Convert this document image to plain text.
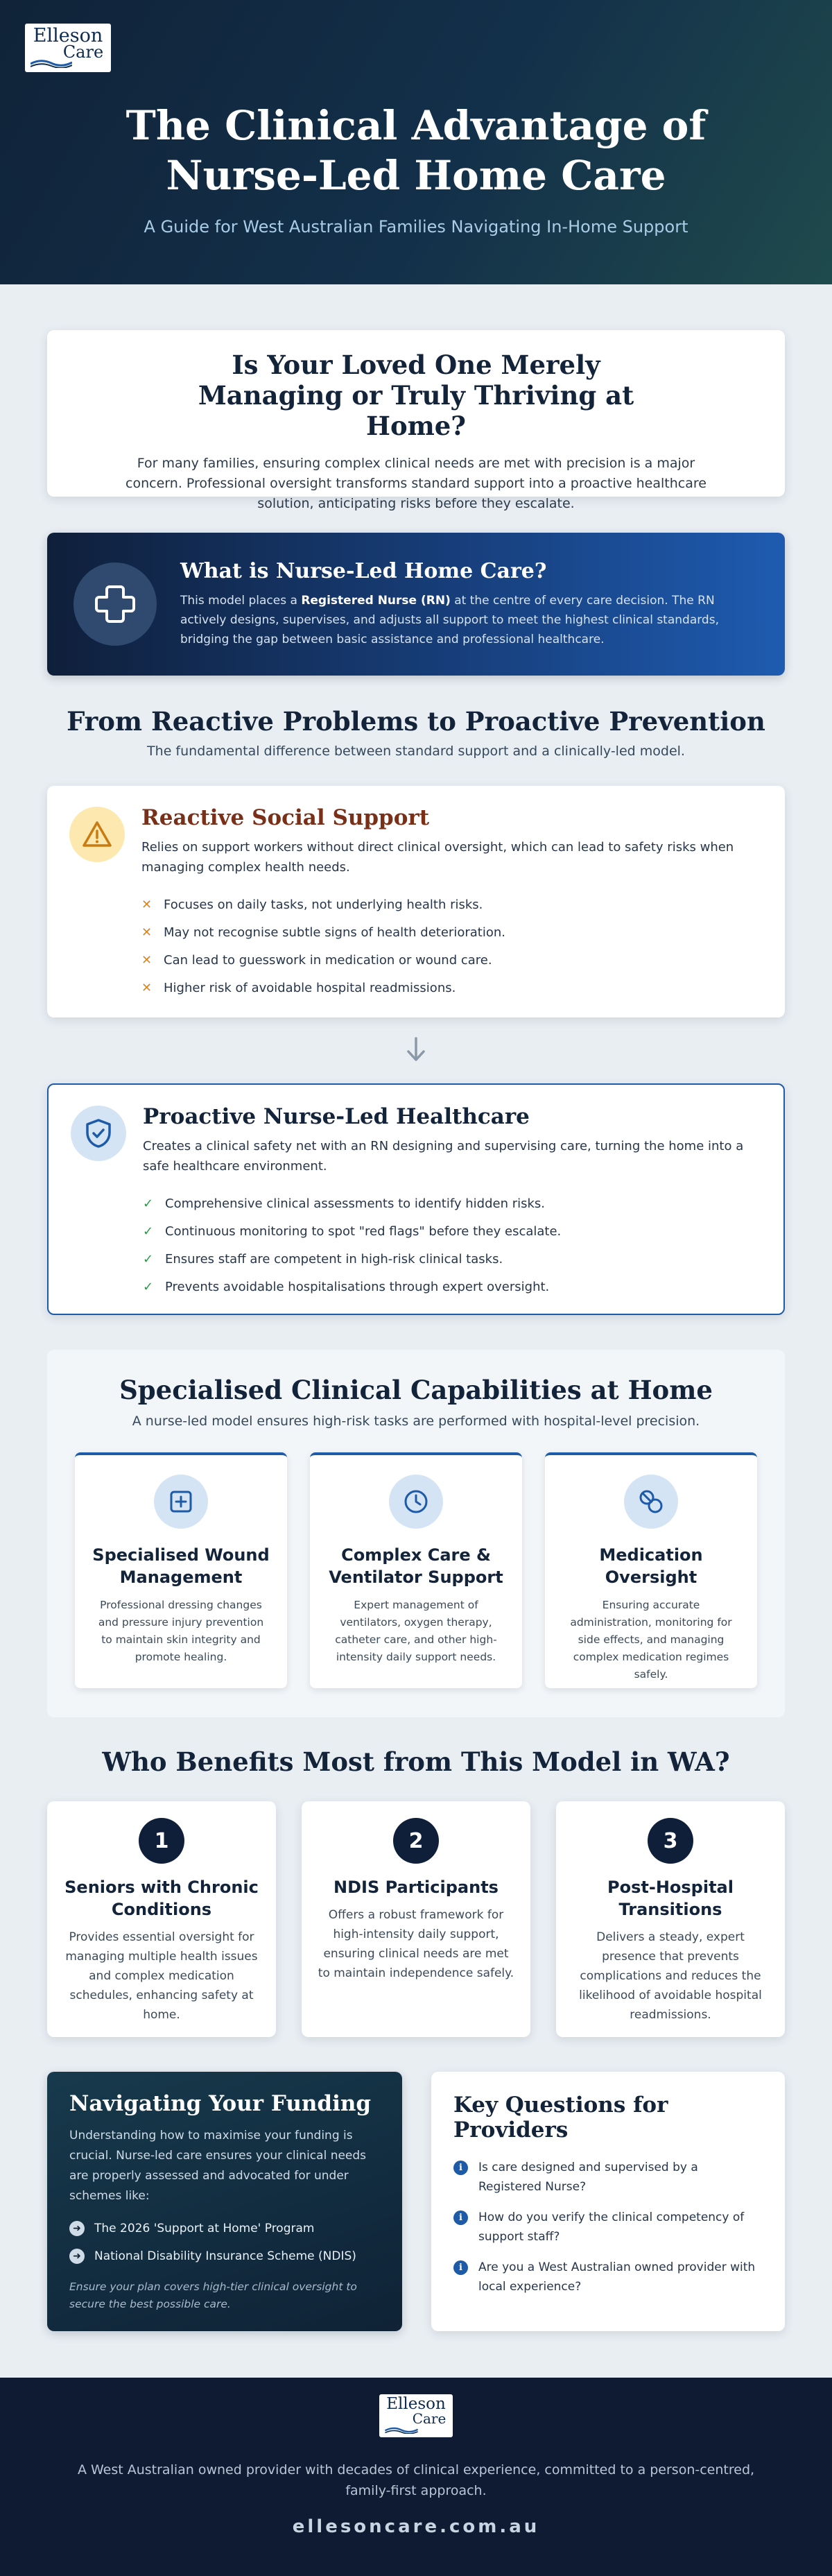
Elleson
Care
The Clinical Advantage of Nurse-Led Home Care
A Guide for West Australian Families Navigating In-Home Support
Is Your Loved One Merely Managing or Truly Thriving at Home?

For many families, ensuring complex clinical needs are met with precision is a major concern. Professional oversight transforms standard support into a proactive healthcare solution, anticipating risks before they escalate.

What is Nurse-Led Home Care?

This model places a Registered Nurse (RN) at the centre of every care decision. The RN actively designs, supervises, and adjusts all support to meet the highest clinical standards, bridging the gap between basic assistance and professional healthcare.

From Reactive Problems to Proactive Prevention
The fundamental difference between standard support and a clinically-led model.
Reactive Social Support
Relies on support workers without direct clinical oversight, which can lead to safety risks when managing complex health needs.
✕ Focuses on daily tasks, not underlying health risks.
✕ May not recognise subtle signs of health deterioration.
✕ Can lead to guesswork in medication or wound care.
✕ Higher risk of avoidable hospital readmissions.
Proactive Nurse-Led Healthcare
Creates a clinical safety net with an RN designing and supervising care, turning the home into a safe healthcare environment.
✓ Comprehensive clinical assessments to identify hidden risks.
✓ Continuous monitoring to spot "red flags" before they escalate.
✓ Ensures staff are competent in high-risk clinical tasks.
✓ Prevents avoidable hospitalisations through expert oversight.
Specialised Clinical Capabilities at Home
A nurse-led model ensures high-risk tasks are performed with hospital-level precision.
Specialised Wound Management

Professional dressing changes and pressure injury prevention to maintain skin integrity and promote healing.

Complex Care & Ventilator Support

Expert management of ventilators, oxygen therapy, catheter care, and other high-intensity daily support needs.

Medication Oversight

Ensuring accurate administration, monitoring for side effects, and managing complex medication regimes safely.

Who Benefits Most from This Model in WA?
1
Seniors with Chronic Conditions

Provides essential oversight for managing multiple health issues and complex medication schedules, enhancing safety at home.

2
NDIS Participants

Offers a robust framework for high-intensity daily support, ensuring clinical needs are met to maintain independence safely.

3
Post-Hospital Transitions

Delivers a steady, expert presence that prevents complications and reduces the likelihood of avoidable hospital readmissions.

Navigating Your Funding
Understanding how to maximise your funding is crucial. Nurse-led care ensures your clinical needs are properly assessed and advocated for under schemes like:
➜	The 2026 'Support at Home' Program
➜	National Disability Insurance Scheme (NDIS)
Ensure your plan covers high-tier clinical oversight to secure the best possible care.
Key Questions for Providers
i	Is care designed and supervised by a Registered Nurse?
i	How do you verify the clinical competency of support staff?
i	Are you a West Australian owned provider with local experience?
Elleson
Care
A West Australian owned provider with decades of clinical experience, committed to a person-centred, family-first approach.
ellesoncare.com.au
